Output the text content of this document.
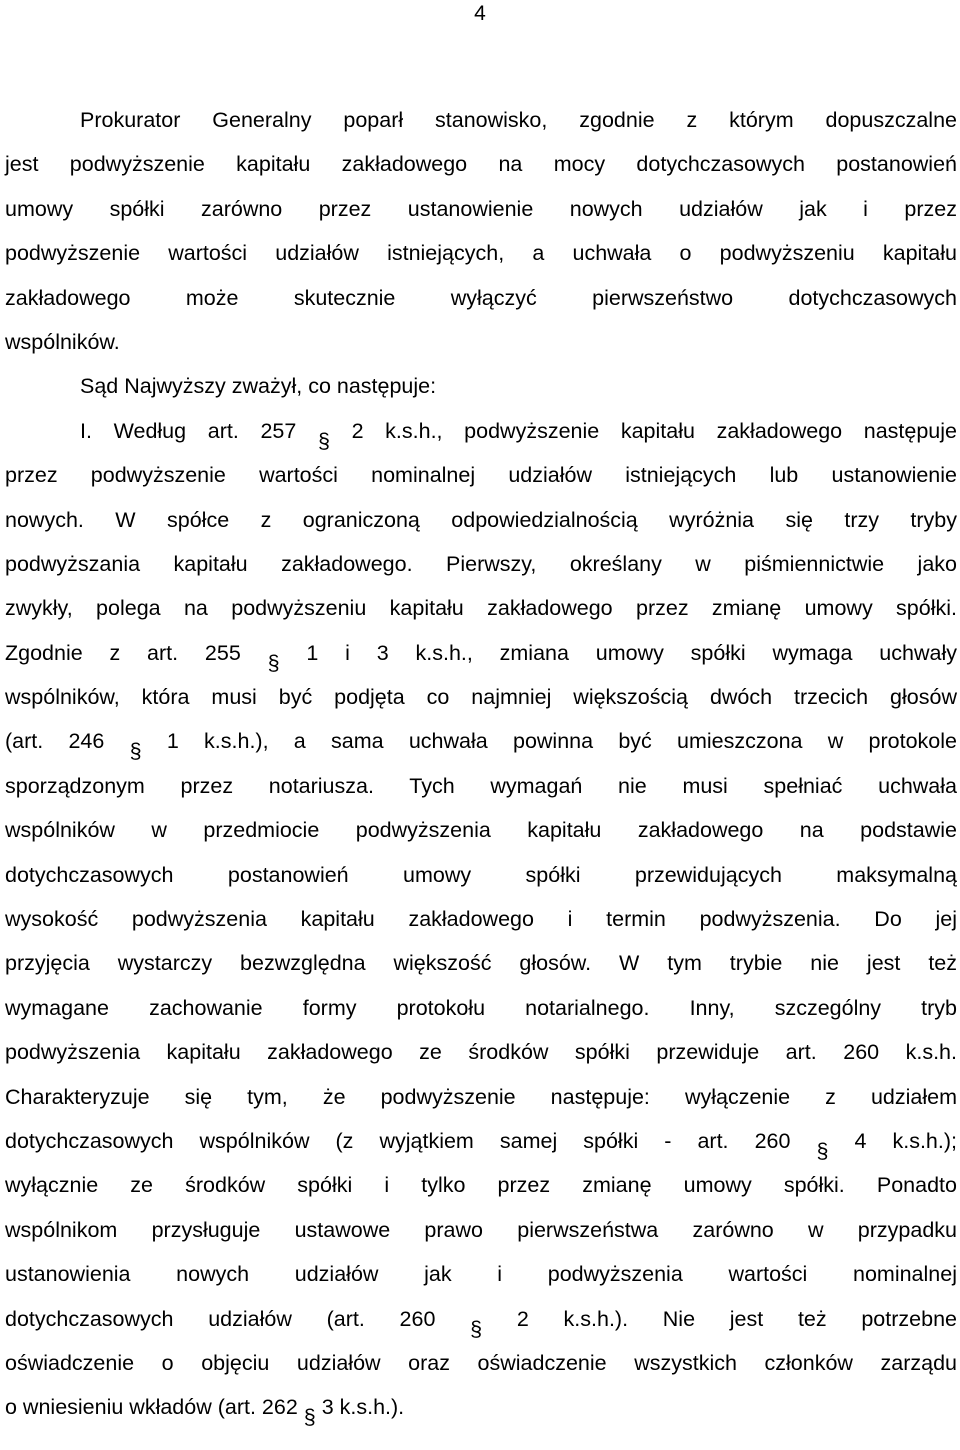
4
Prokurator Generalny poparł stanowisko, zgodnie z którym dopuszczalne
jest podwyższenie kapitału zakładowego na mocy dotychczasowych postanowień
umowy spółki zarówno przez ustanowienie nowych udziałów jak i przez
podwyższenie wartości udziałów istniejących, a uchwała o podwyższeniu kapitału
zakładowego może skutecznie wyłączyć pierwszeństwo dotychczasowych
wspólników.
Sąd Najwyższy zważył, co następuje:
I. Według art. 257 § 2 k.s.h., podwyższenie kapitału zakładowego następuje
przez podwyższenie wartości nominalnej udziałów istniejących lub ustanowienie
nowych. W spółce z ograniczoną odpowiedzialnością wyróżnia się trzy tryby
podwyższania kapitału zakładowego. Pierwszy, określany w piśmiennictwie jako
zwykły, polega na podwyższeniu kapitału zakładowego przez zmianę umowy spółki.
Zgodnie z art. 255 § 1 i 3 k.s.h., zmiana umowy spółki wymaga uchwały
wspólników, która musi być podjęta co najmniej większością dwóch trzecich głosów
(art. 246 § 1 k.s.h.), a sama uchwała powinna być umieszczona w protokole
sporządzonym przez notariusza. Tych wymagań nie musi spełniać uchwała
wspólników w przedmiocie podwyższenia kapitału zakładowego na podstawie
dotychczasowych postanowień umowy spółki przewidujących maksymalną
wysokość podwyższenia kapitału zakładowego i termin podwyższenia. Do jej
przyjęcia wystarczy bezwzględna większość głosów. W tym trybie nie jest też
wymagane zachowanie formy protokołu notarialnego. Inny, szczególny tryb
podwyższenia kapitału zakładowego ze środków spółki przewiduje art. 260 k.s.h.
Charakteryzuje się tym, że podwyższenie następuje: wyłączenie z udziałem
dotychczasowych wspólników (z wyjątkiem samej spółki - art. 260 § 4 k.s.h.);
wyłącznie ze środków spółki i tylko przez zmianę umowy spółki. Ponadto
wspólnikom przysługuje ustawowe prawo pierwszeństwa zarówno w przypadku
ustanowienia nowych udziałów jak i podwyższenia wartości nominalnej
dotychczasowych udziałów (art. 260 § 2 k.s.h.). Nie jest też potrzebne
oświadczenie o objęciu udziałów oraz oświadczenie wszystkich członków zarządu
o wniesieniu wkładów (art. 262 § 3 k.s.h.).
